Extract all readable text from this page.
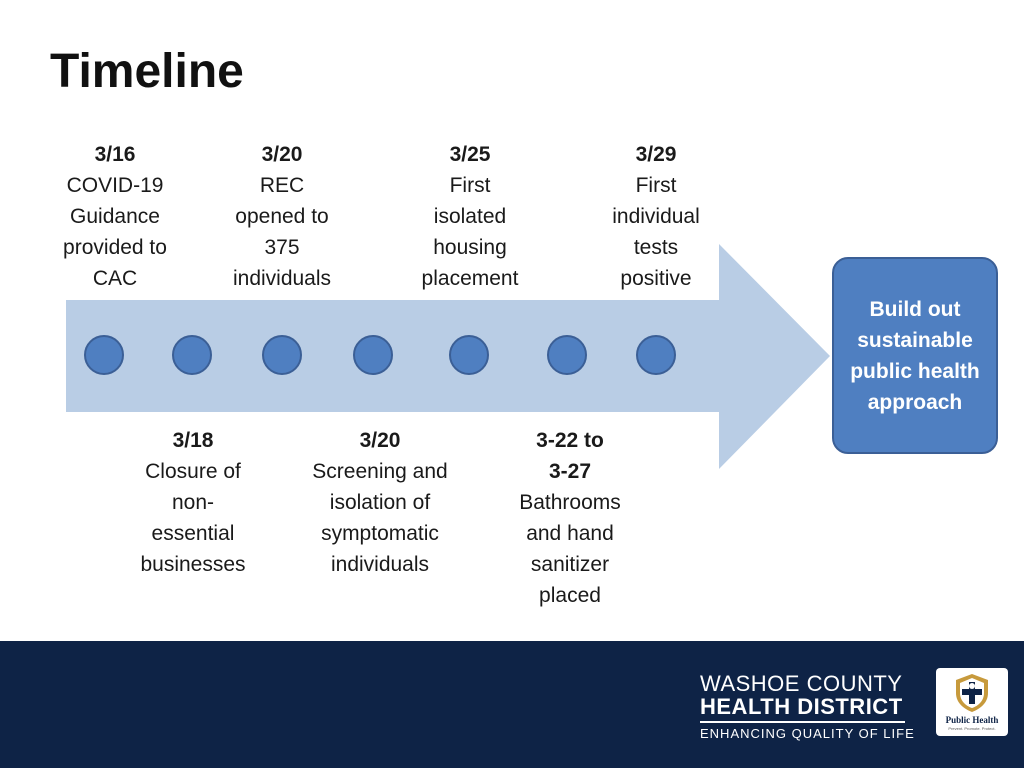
Timeline
3/16
COVID-19 Guidance provided to CAC
3/20
REC opened to 375 individuals
3/25
First isolated housing placement
3/29
First individual tests positive
3/18
Closure of non-essential businesses
3/20
Screening and isolation of symptomatic individuals
3-22 to 3-27
Bathrooms and hand sanitizer placed
Build out sustainable public health approach
WASHOE COUNTY
HEALTH DISTRICT
ENHANCING QUALITY OF LIFE
Public Health
Prevent. Promote. Protect.
